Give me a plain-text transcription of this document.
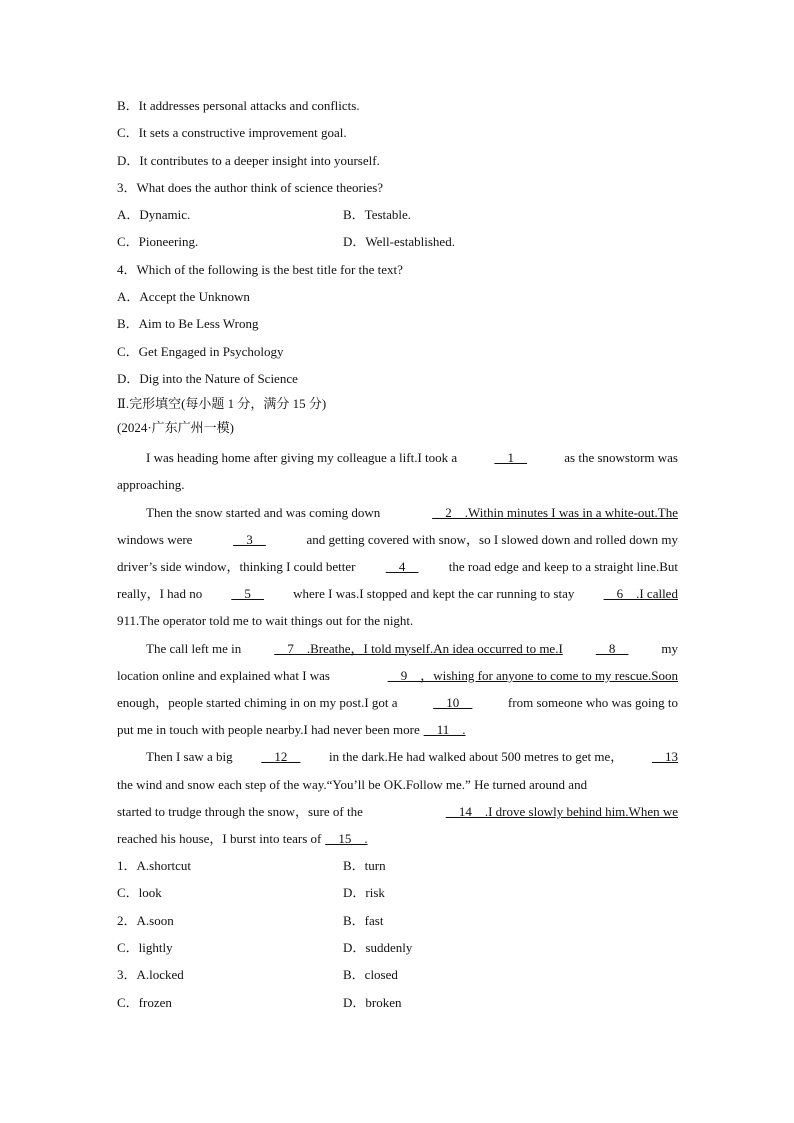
B．It addresses personal attacks and conflicts.
C．It sets a constructive improvement goal.
D．It contributes to a deeper insight into yourself.
3．What does the author think of science theories?
A．Dynamic.	B．Testable.
C．Pioneering.	D．Well-established.
4．Which of the following is the best title for the text?
A．Accept the Unknown
B．Aim to Be Less Wrong
C．Get Engaged in Psychology
D．Dig into the Nature of Science
Ⅱ.完形填空(每小题 1 分，满分 15 分)
(2024·广东广州一模)
I was heading home after giving my colleague a lift.I took a	__1__	as the snowstorm was
approaching.
Then the snow started and was coming down	__2__.Within minutes I was in a white-out.The
windows were	__3__	and getting covered with snow，so I slowed down and rolled down my
driver’s side window，thinking I could better __4__ the road edge and keep to a straight line.But
really，I had no __5__ where I was.I stopped and kept the car running to stay __6__.I called
911.The operator told me to wait things out for the night.
The call left me in	__7__.Breathe，I told myself.An idea occurred to me.I	__8__	my
location online and explained what I was	__9__，wishing for anyone to come to my rescue.Soon
enough，people started chiming in on my post.I got a	__10__	from someone who was going to
put me in touch with people nearby.I had never been more __11__.
Then I saw a big __12__ in the dark.He had walked about 500 metres to get me， __13
the wind and snow each step of the way.“You’ll be OK.Follow me.” He turned around and
started to trudge through the snow，sure of the	__14__.I drove slowly behind him.When we
reached his house，I burst into tears of __15__.
1．A.shortcut	B．turn
C．look	D．risk
2．A.soon	B．fast
C．lightly	D．suddenly
3．A.locked	B．closed
C．frozen	D．broken
